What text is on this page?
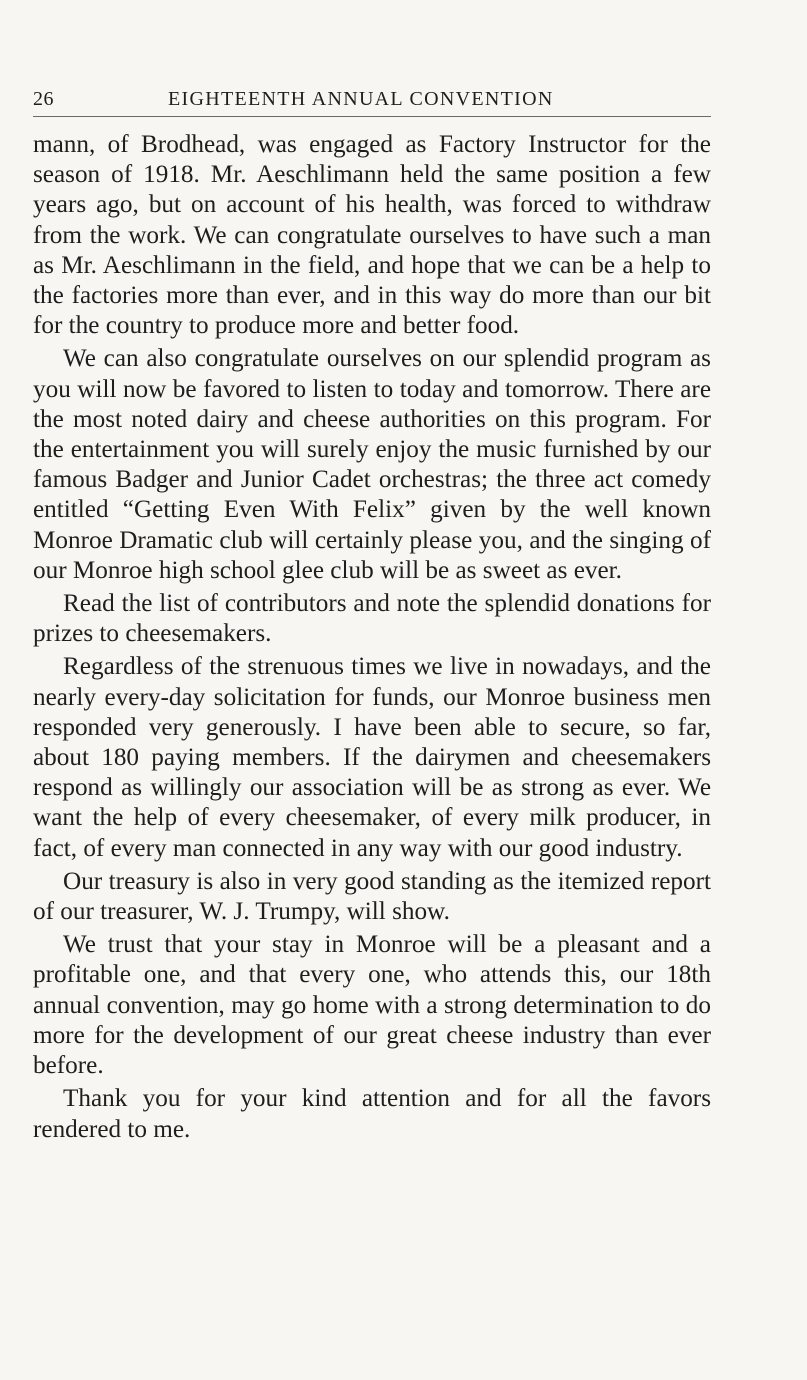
26	EIGHTEENTH ANNUAL CONVENTION

mann, of Brodhead, was engaged as Factory Instructor for the season of 1918. Mr. Aeschlimann held the same position a few years ago, but on account of his health, was forced to withdraw from the work. We can congratulate ourselves to have such a man as Mr. Aeschlimann in the field, and hope that we can be a help to the factories more than ever, and in this way do more than our bit for the country to produce more and better food.

We can also congratulate ourselves on our splendid program as you will now be favored to listen to today and tomorrow. There are the most noted dairy and cheese authorities on this program. For the entertainment you will surely enjoy the music furnished by our famous Badger and Junior Cadet orchestras; the three act comedy entitled “Getting Even With Felix” given by the well known Monroe Dramatic club will certainly please you, and the singing of our Monroe high school glee club will be as sweet as ever.

Read the list of contributors and note the splendid donations for prizes to cheesemakers.

Regardless of the strenuous times we live in nowadays, and the nearly every-day solicitation for funds, our Monroe business men responded very generously. I have been able to secure, so far, about 180 paying members. If the dairymen and cheesemakers respond as willingly our association will be as strong as ever. We want the help of every cheesemaker, of every milk producer, in fact, of every man connected in any way with our good industry.

Our treasury is also in very good standing as the itemized report of our treasurer, W. J. Trumpy, will show.

We trust that your stay in Monroe will be a pleasant and a profitable one, and that every one, who attends this, our 18th annual convention, may go home with a strong determination to do more for the development of our great cheese industry than ever before.

Thank you for your kind attention and for all the favors rendered to me.
